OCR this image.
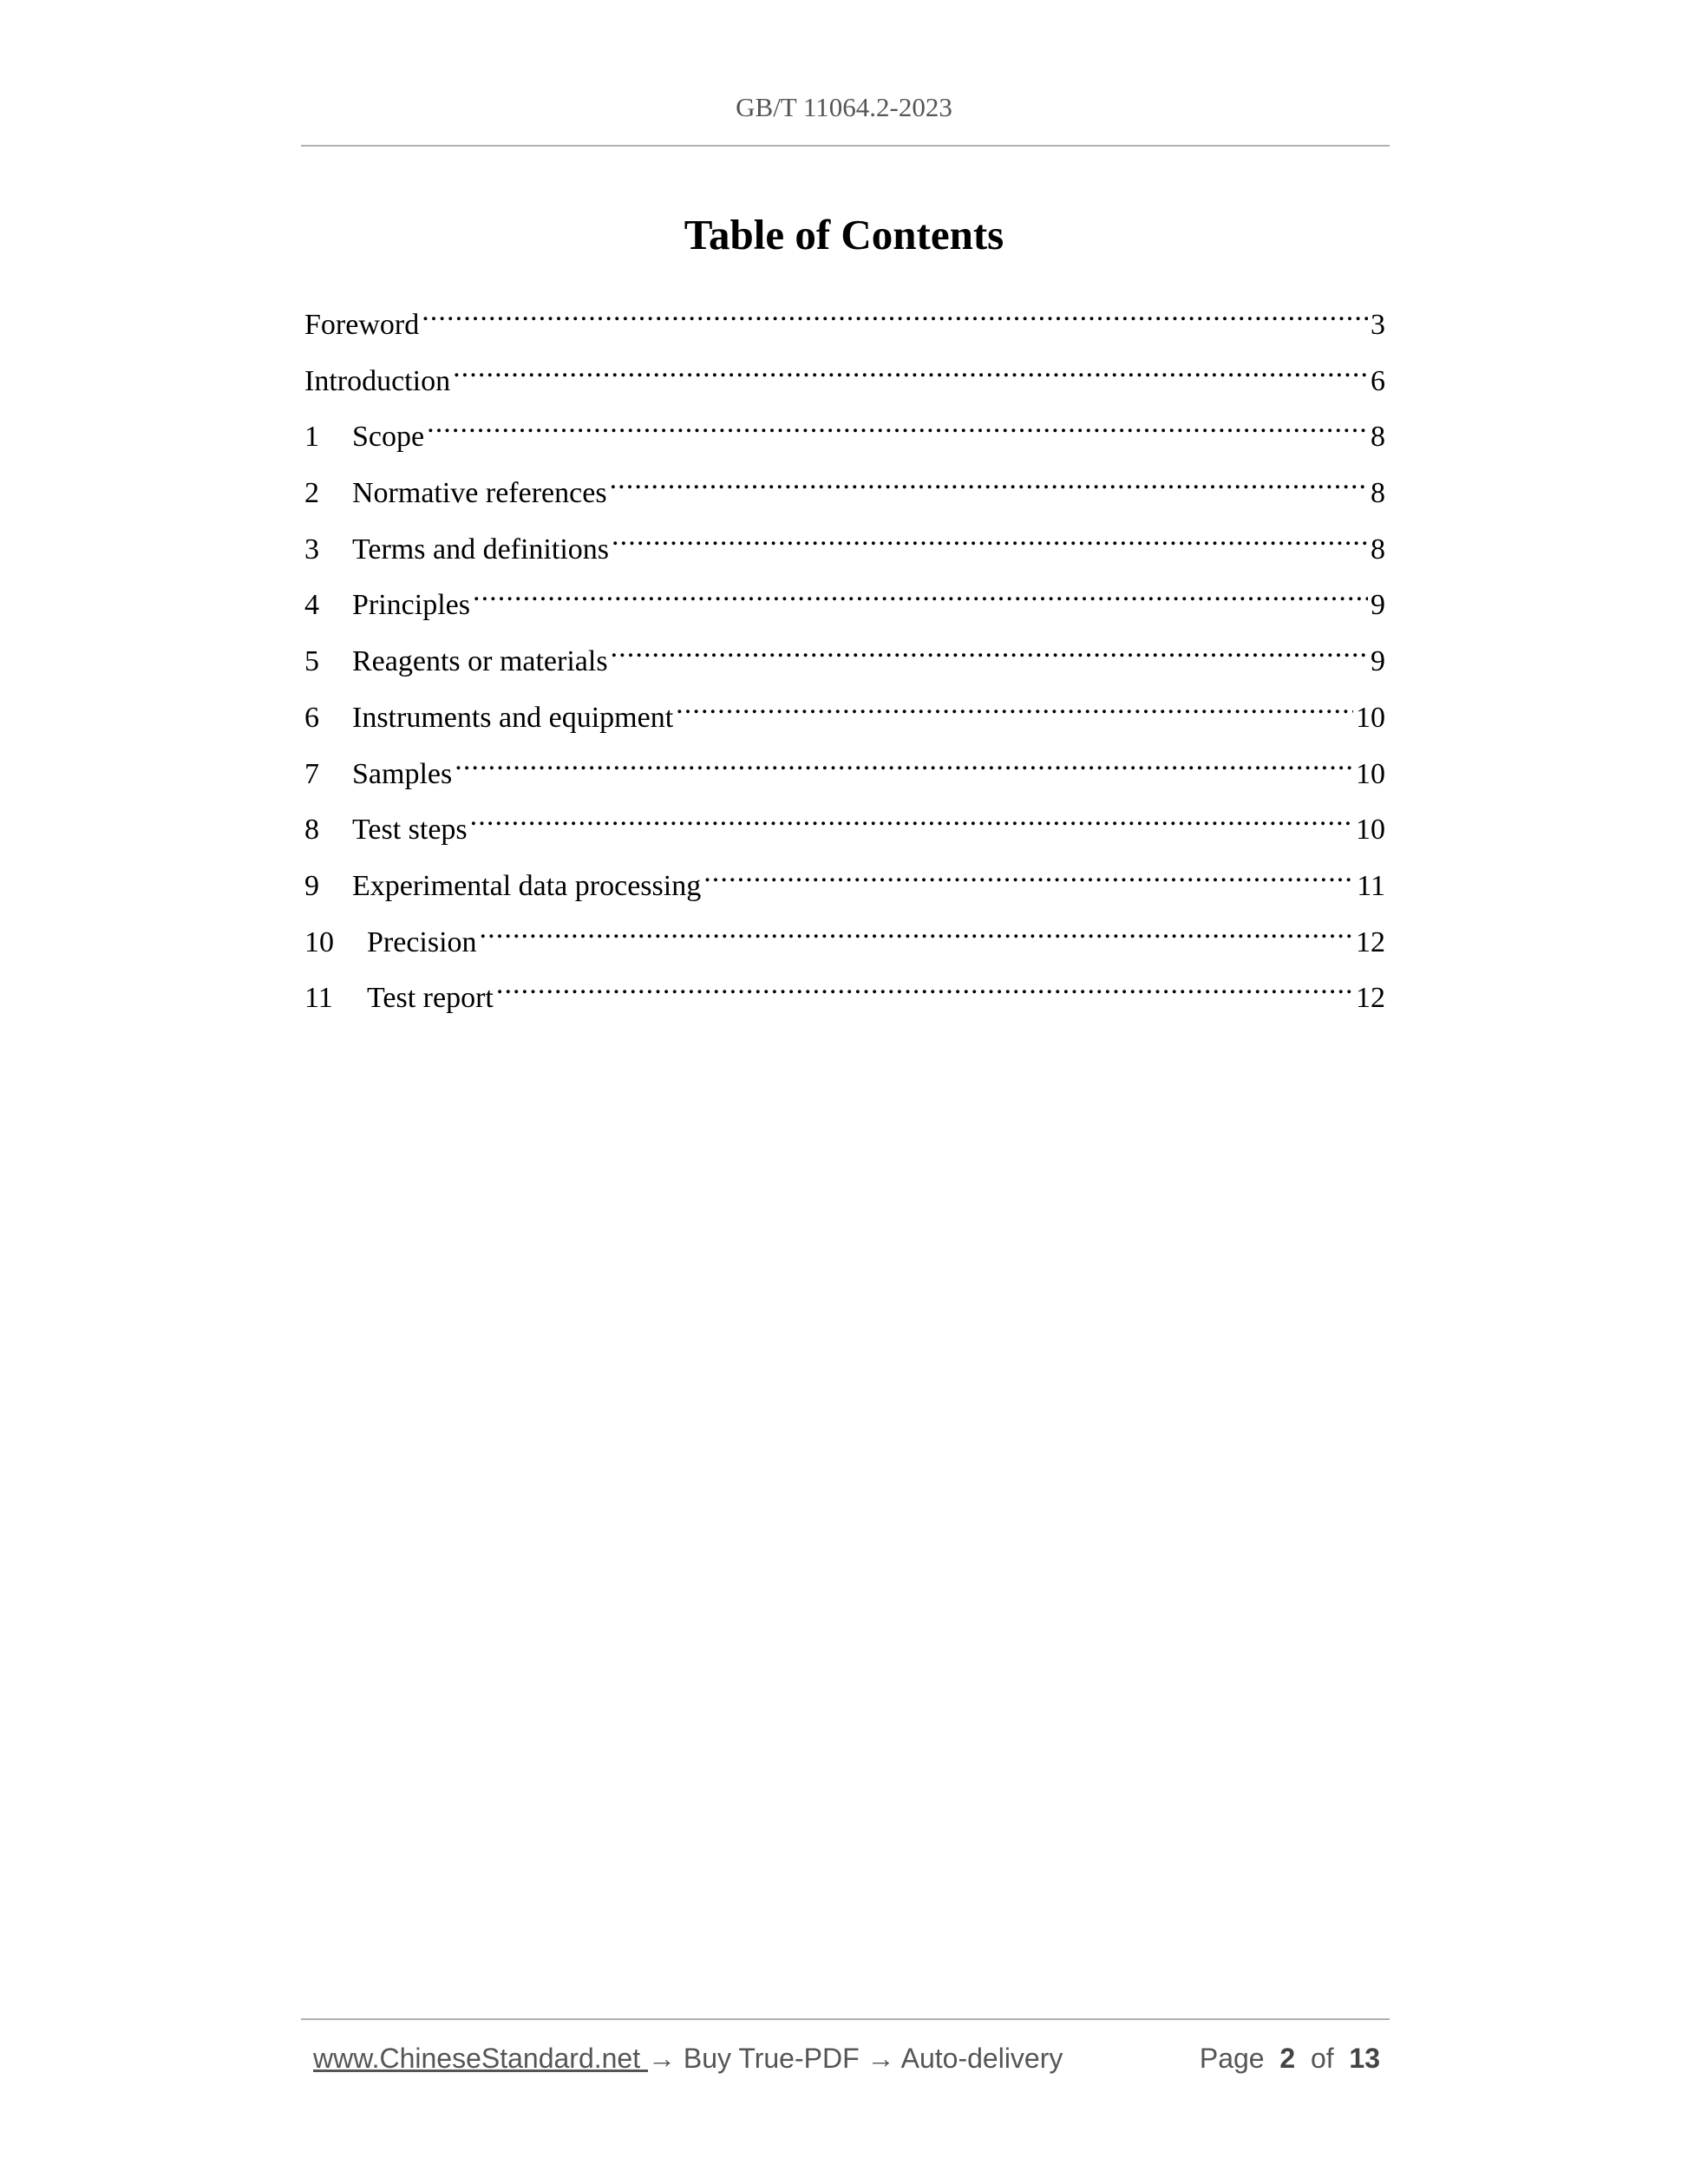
GB/T 11064.2-2023
Table of Contents
Foreword .....	3
Introduction .....	6
1	Scope .....	8
2	Normative references .....	8
3	Terms and definitions .....	8
4	Principles .....	9
5	Reagents or materials .....	9
6	Instruments and equipment .....	10
7	Samples .....	10
8	Test steps .....	10
9	Experimental data processing .....	11
10	Precision .....	12
11	Test report .....	12
www.ChineseStandard.net → Buy True-PDF → Auto-delivery	Page 2 of 13
